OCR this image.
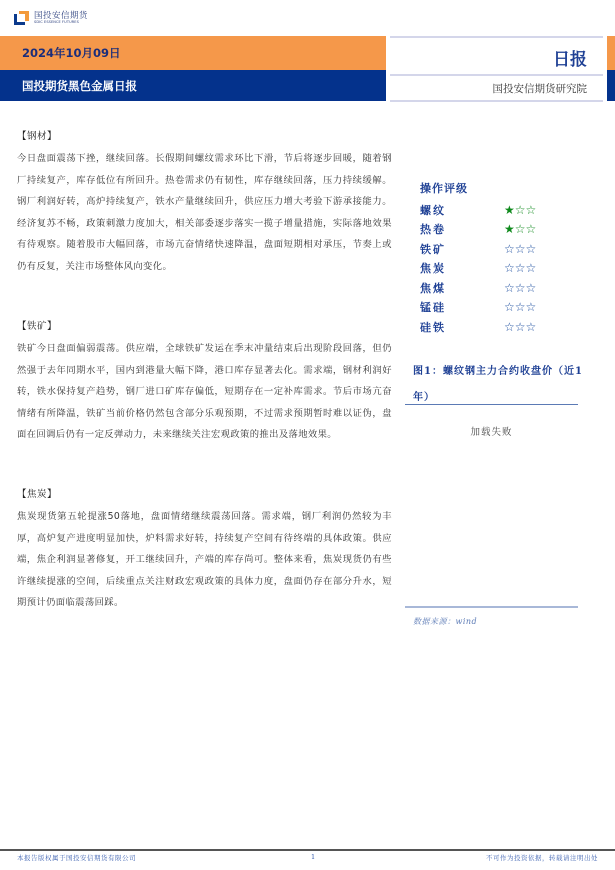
国投安信期货
SDIC ESSENCE FUTURES
2024年10月09日
国投期货黑色金属日报
日报
国投安信期货研究院
【钢材】

今日盘面震荡下挫，继续回落。长假期间螺纹需求环比下滑，节后将逐步回暖，随着钢厂持续复产，库存低位有所回升。热卷需求仍有韧性，库存继续回落，压力持续缓解。钢厂利润好转，高炉持续复产，铁水产量继续回升，供应压力增大考验下游承接能力。经济复苏不畅，政策刺激力度加大，相关部委逐步落实一揽子增量措施，实际落地效果有待观察。随着股市大幅回落，市场亢奋情绪快速降温，盘面短期相对承压，节奏上或仍有反复，关注市场整体风向变化。

【铁矿】

铁矿今日盘面偏弱震荡。供应端，全球铁矿发运在季末冲量结束后出现阶段回落，但仍然强于去年同期水平，国内到港量大幅下降，港口库存显著去化。需求端，钢材利润好转，铁水保持复产趋势，钢厂进口矿库存偏低，短期存在一定补库需求。节后市场亢奋情绪有所降温，铁矿当前价格仍然包含部分乐观预期，不过需求预期暂时难以证伪，盘面在回调后仍有一定反弹动力，未来继续关注宏观政策的推出及落地效果。

【焦炭】

焦炭现货第五轮提涨50落地，盘面情绪继续震荡回落。需求端，钢厂利润仍然较为丰厚，高炉复产进度明显加快，炉料需求好转，持续复产空间有待终端的具体政策。供应端，焦企利润显著修复，开工继续回升，产端的库存尚可。整体来看，焦炭现货仍有些许继续提涨的空间，后续重点关注财政宏观政策的具体力度，盘面仍存在部分升水，短期预计仍面临震荡回踩。

操作评级
螺纹	★☆☆
热卷	★☆☆
铁矿	☆☆☆
焦炭	☆☆☆
焦煤	☆☆☆
锰硅	☆☆☆
硅铁	☆☆☆
图1：螺纹钢主力合约收盘价（近1年）
加载失败
数据来源：wind
本报告版权属于国投安信期货有限公司	1	不可作为投资依据，转载请注明出处
